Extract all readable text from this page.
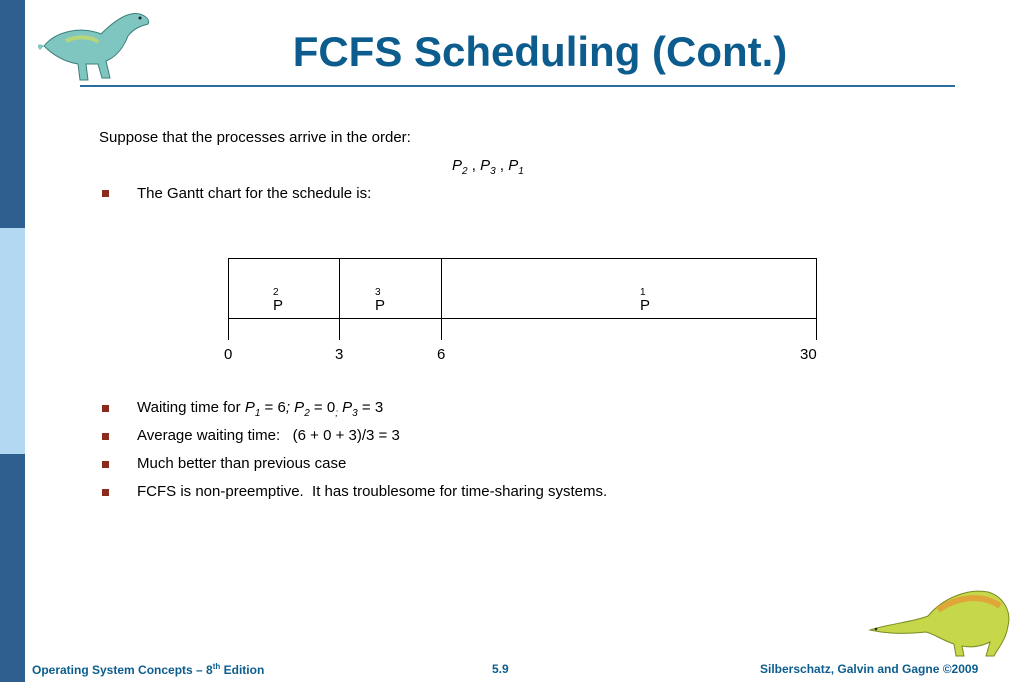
FCFS Scheduling (Cont.)
Suppose that the processes arrive in the order:
$P_2$ , $P_3$ , $P_1$
The Gantt chart for the schedule is:
P
$_2$
P
$_3$
P
$_1$
0	3	6	30
Waiting time for $P_1 = 6$; $P_2 = 0_;$ $P_3 = 3$
Average waiting time:   (6 + 0 + 3)/3 = 3
Much better than previous case
FCFS is non-preemptive.  It has troublesome for time-sharing systems.
Operating System Concepts – 8th Edition	5.9	Silberschatz, Galvin and Gagne ©2009
